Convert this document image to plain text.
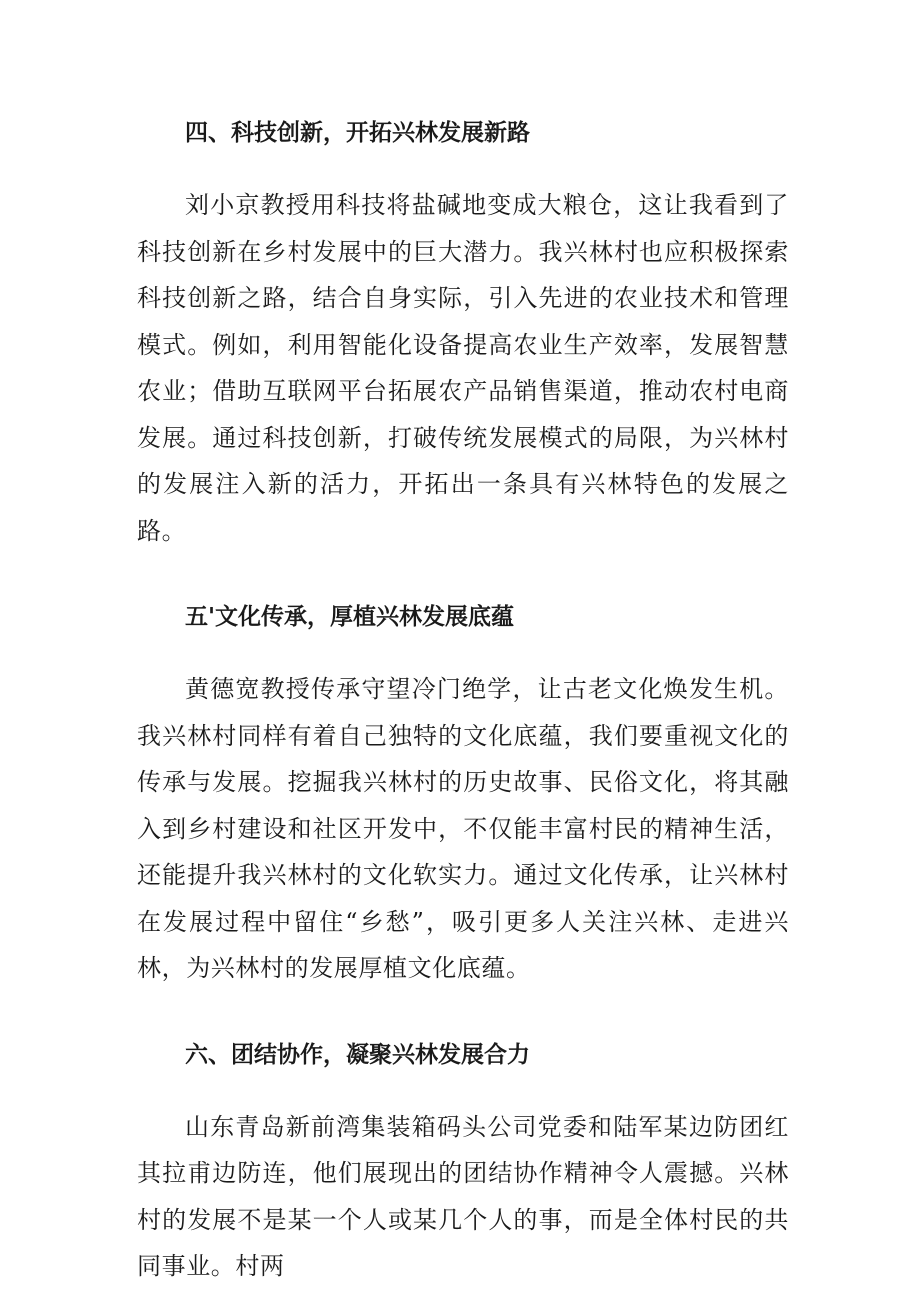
四、科技创新，开拓兴林发展新路

刘小京教授用科技将盐碱地变成大粮仓，这让我看到了科技创新在乡村发展中的巨大潜力。我兴林村也应积极探索科技创新之路，结合自身实际，引入先进的农业技术和管理模式。例如，利用智能化设备提高农业生产效率，发展智慧农业；借助互联网平台拓展农产品销售渠道，推动农村电商发展。通过科技创新，打破传统发展模式的局限，为兴林村的发展注入新的活力，开拓出一条具有兴林特色的发展之路。

五'文化传承，厚植兴林发展底蕴

黄德宽教授传承守望冷门绝学，让古老文化焕发生机。我兴林村同样有着自己独特的文化底蕴，我们要重视文化的传承与发展。挖掘我兴林村的历史故事、民俗文化，将其融入到乡村建设和社区开发中，不仅能丰富村民的精神生活，还能提升我兴林村的文化软实力。通过文化传承，让兴林村在发展过程中留住“乡愁”，吸引更多人关注兴林、走进兴林，为兴林村的发展厚植文化底蕴。

六、团结协作，凝聚兴林发展合力

山东青岛新前湾集装箱码头公司党委和陆军某边防团红其拉甫边防连，他们展现出的团结协作精神令人震撼。兴林村的发展不是某一个人或某几个人的事，而是全体村民的共同事业。村两
